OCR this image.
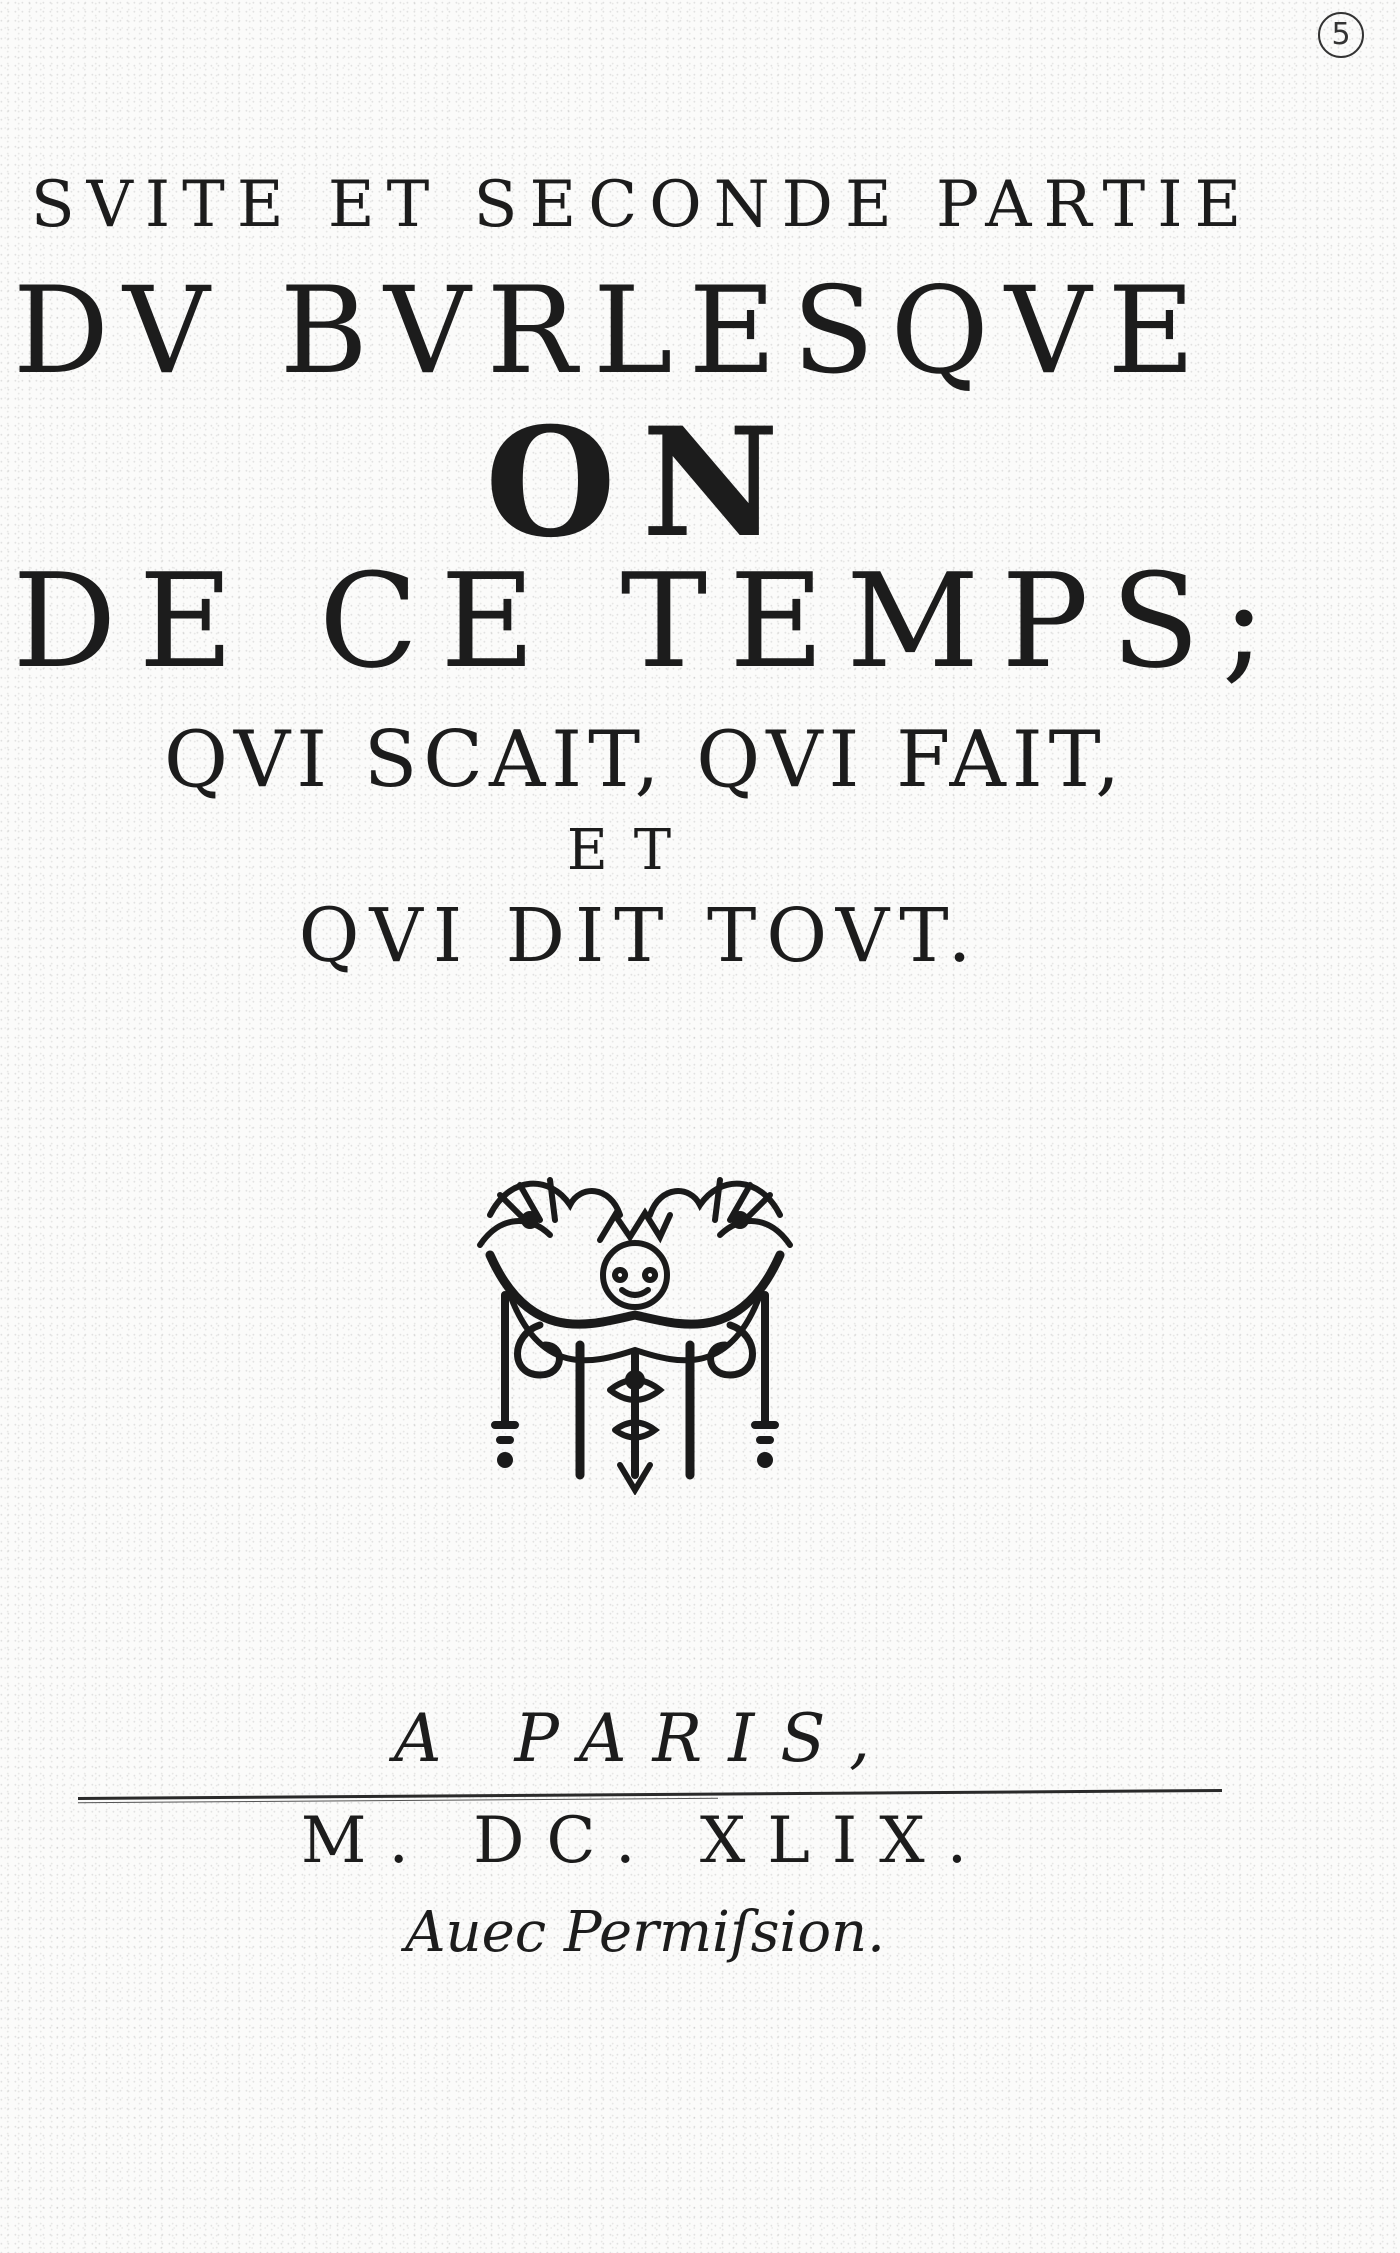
5
SVITE ET SECONDE PARTIE
DV BVRLESQVE
ON
DE CE TEMPS;
QVI SCAIT, QVI FAIT,
ET
QVI DIT TOVT.
A PARIS,
M. DC. XLIX.
Auec Permiſsion.
